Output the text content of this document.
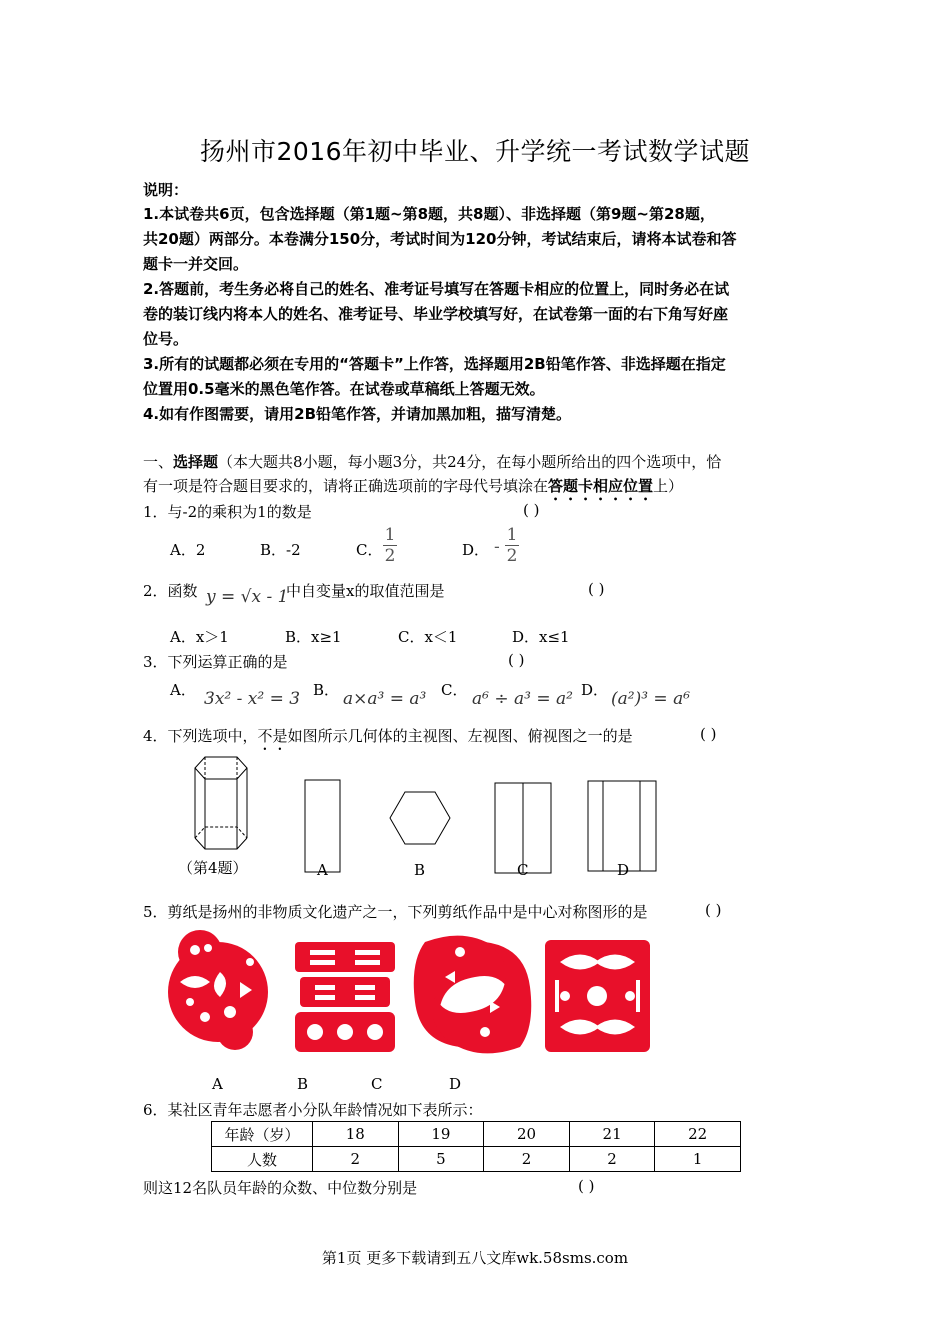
扬州市2016年初中毕业、升学统一考试数学试题
说明：
1.本试卷共6页，包含选择题（第1题~第8题，共8题）、非选择题（第9题~第28题，
共20题）两部分。本卷满分150分，考试时间为120分钟，考试结束后，请将本试卷和答
题卡一并交回。
2.答题前，考生务必将自己的姓名、准考证号填写在答题卡相应的位置上，同时务必在试
卷的装订线内将本人的姓名、准考证号、毕业学校填写好，在试卷第一面的右下角写好座
位号。
3.所有的试题都必须在专用的“答题卡”上作答，选择题用2B铅笔作答、非选择题在指定
位置用0.5毫米的黑色笔作答。在试卷或草稿纸上答题无效。
4.如有作图需要，请用2B铅笔作答，并请加黑加粗，描写清楚。
一、选择题（本大题共8小题，每小题3分，共24分，在每小题所给出的四个选项中，恰
有一项是符合题目要求的，请将正确选项前的字母代号填涂在答题卡相应位置上）
1．与-2的乘积为1的数是	( )
A．2	B．-2	C．
1
2	D． -
1
2
2．函数 y = √x - 1
中自变量x的取值范围是	( )
A．x＞1	B．x≥1	C．x＜1	D．x≤1
3．下列运算正确的是	( )
A． 3x² - x² = 3 B． a×a³ = a³ C． a⁶ ÷ a³ = a² D． (a²)³ = a⁶
4．下列选项中，不是如图所示几何体的主视图、左视图、俯视图之一的是	( )
（第4题）	A	B	C	D
5．剪纸是扬州的非物质文化遗产之一，下列剪纸作品中是中心对称图形的是	( )
A	B	C	D
6．某社区青年志愿者小分队年龄情况如下表所示：
年龄（岁）	18	19	20	21	22
人数	2	5	2	2	1
则这12名队员年龄的众数、中位数分别是	( )
第1页 更多下载请到五八文库wk.58sms.com
